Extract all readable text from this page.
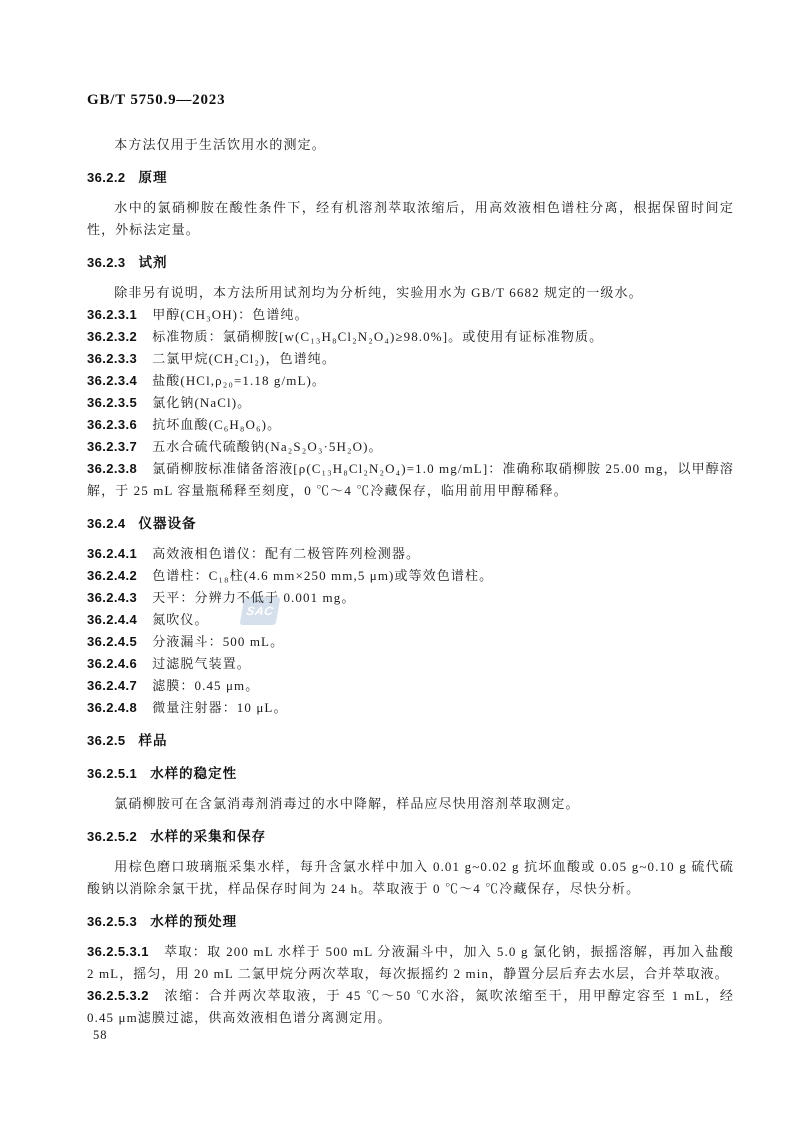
SAC

GB/T 5750.9—2023

本方法仅用于生活饮用水的测定。

36.2.2 原理

水中的氯硝柳胺在酸性条件下，经有机溶剂萃取浓缩后，用高效液相色谱柱分离，根据保留时间定性，外标法定量。

36.2.3 试剂

除非另有说明，本方法所用试剂均为分析纯，实验用水为 GB/T 6682 规定的一级水。

36.2.3.1 甲醇(CH₃OH)：色谱纯。

36.2.3.2 标准物质：氯硝柳胺[w(C₁₃H₈Cl₂N₂O₄)≥98.0%]。或使用有证标准物质。

36.2.3.3 二氯甲烷(CH₂Cl₂)，色谱纯。

36.2.3.4 盐酸(HCl,ρ₂₀=1.18 g/mL)。

36.2.3.5 氯化钠(NaCl)。

36.2.3.6 抗坏血酸(C₆H₈O₆)。

36.2.3.7 五水合硫代硫酸钠(Na₂S₂O₃·5H₂O)。

36.2.3.8 氯硝柳胺标准储备溶液[ρ(C₁₃H₈Cl₂N₂O₄)=1.0 mg/mL]：准确称取硝柳胺 25.00 mg，以甲醇溶解，于 25 mL 容量瓶稀释至刻度，0 ℃～4 ℃冷藏保存，临用前用甲醇稀释。

36.2.4 仪器设备

36.2.4.1 高效液相色谱仪：配有二极管阵列检测器。

36.2.4.2 色谱柱：C₁₈柱(4.6 mm×250 mm,5 μm)或等效色谱柱。

36.2.4.3 天平：分辨力不低于 0.001 mg。

36.2.4.4 氮吹仪。

36.2.4.5 分液漏斗：500 mL。

36.2.4.6 过滤脱气装置。

36.2.4.7 滤膜：0.45 μm。

36.2.4.8 微量注射器：10 μL。

36.2.5 样品

36.2.5.1 水样的稳定性

氯硝柳胺可在含氯消毒剂消毒过的水中降解，样品应尽快用溶剂萃取测定。

36.2.5.2 水样的采集和保存

用棕色磨口玻璃瓶采集水样，每升含氯水样中加入 0.01 g~0.02 g 抗坏血酸或 0.05 g~0.10 g 硫代硫酸钠以消除余氯干扰，样品保存时间为 24 h。萃取液于 0 ℃～4 ℃冷藏保存，尽快分析。

36.2.5.3 水样的预处理

36.2.5.3.1 萃取：取 200 mL 水样于 500 mL 分液漏斗中，加入 5.0 g 氯化钠，振摇溶解，再加入盐酸 2 mL，摇匀，用 20 mL 二氯甲烷分两次萃取，每次振摇约 2 min，静置分层后弃去水层，合并萃取液。

36.2.5.3.2 浓缩：合并两次萃取液，于 45 ℃～50 ℃水浴，氮吹浓缩至干，用甲醇定容至 1 mL，经 0.45 μm滤膜过滤，供高效液相色谱分离测定用。

58
